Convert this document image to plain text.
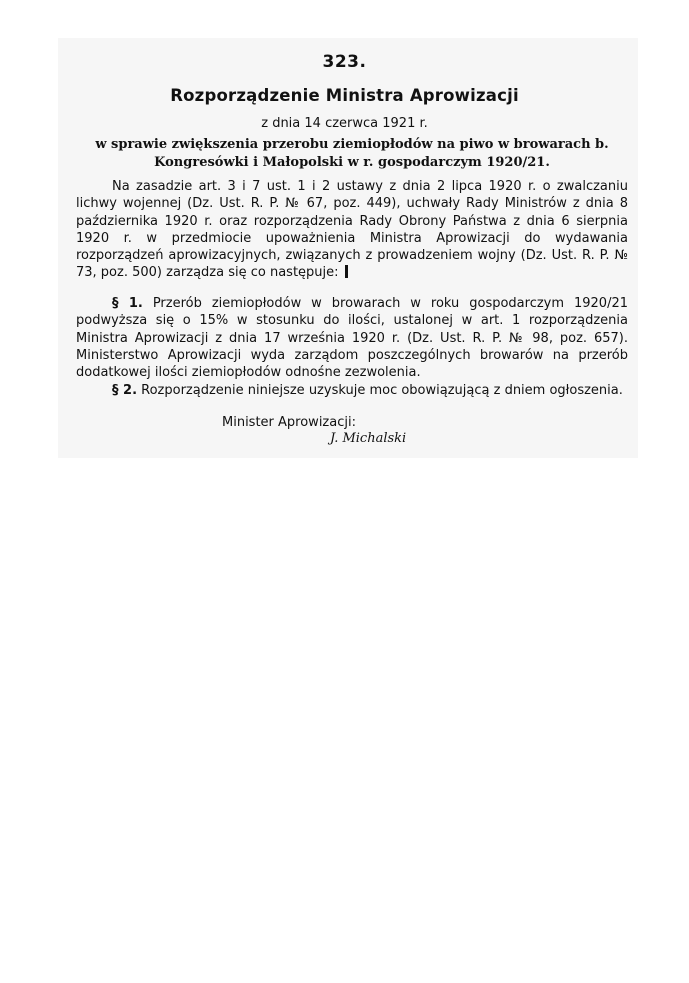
323.
Rozporządzenie Ministra Aprowizacji
z dnia 14 czerwca 1921 r.
w sprawie zwiększenia przerobu ziemiopłodów na piwo w browarach b. Kongresówki i Małopolski w r. gospodarczym 1920/21.
Na zasadzie art. 3 i 7 ust. 1 i 2 ustawy z dnia 2 lipca 1920 r. o zwalczaniu lichwy wojennej (Dz. Ust. R. P. № 67, poz. 449), uchwały Rady Ministrów z dnia 8 października 1920 r. oraz rozporządzenia Rady Obrony Państwa z dnia 6 sierpnia 1920 r. w przedmiocie upoważnienia Ministra Aprowizacji do wydawania rozporządzeń aprowizacyjnych, związanych z prowadzeniem wojny (Dz. Ust. R. P. № 73, poz. 500) zarządza się co następuje:
§ 1. Przerób ziemiopłodów w browarach w roku gospodarczym 1920/21 podwyższa się o 15% w stosunku do ilości, ustalonej w art. 1 rozporządzenia Ministra Aprowizacji z dnia 17 września 1920 r. (Dz. Ust. R. P. № 98, poz. 657). Ministerstwo Aprowizacji wyda zarządom poszczególnych browarów na przerób dodatkowej ilości ziemiopłodów odnośne zezwolenia.
§ 2. Rozporządzenie niniejsze uzyskuje moc obowiązującą z dniem ogłoszenia.
Minister Aprowizacji:
J. Michalski
